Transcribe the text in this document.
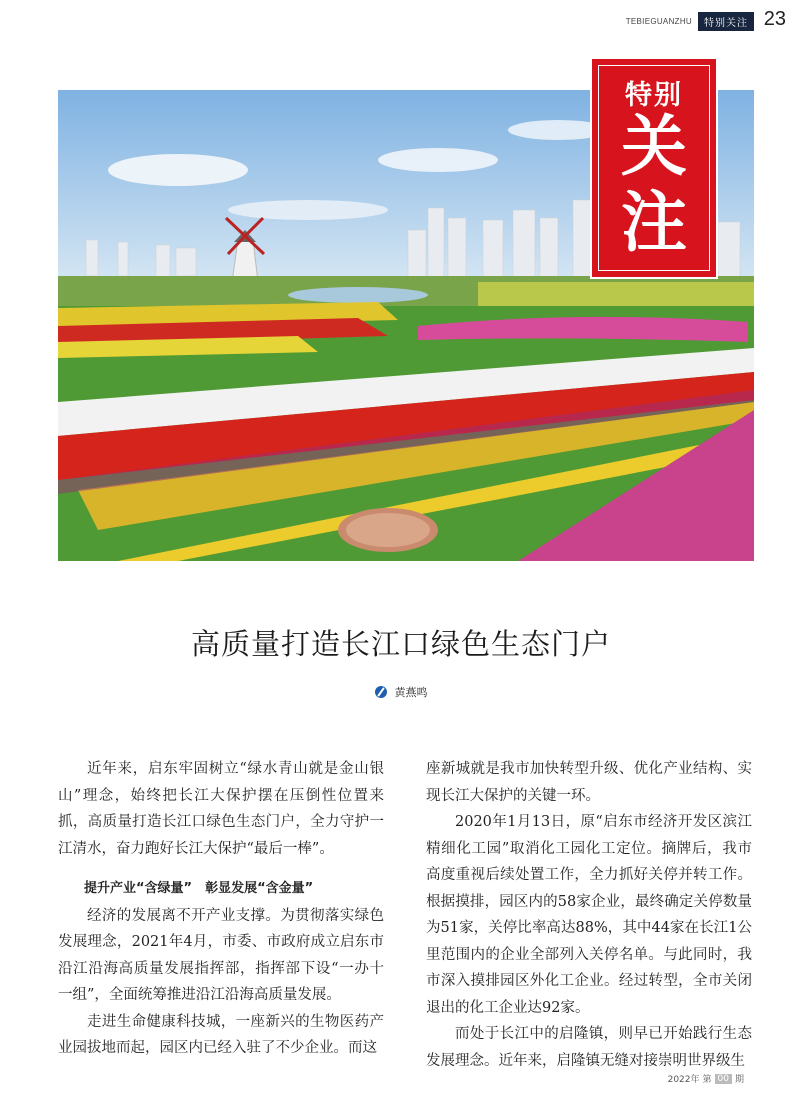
TEBIEGUANZHU	特别关注 23
特别
关
注
高质量打造长江口绿色生态门户
黄燕鸣

近年来，启东牢固树立“绿水青山就是金山银山”理念，始终把长江大保护摆在压倒性位置来抓，高质量打造长江口绿色生态门户，全力守护一江清水，奋力跑好长江大保护“最后一棒”。

提升产业“含绿量”　彰显发展“含金量”

经济的发展离不开产业支撑。为贯彻落实绿色发展理念，2021年4月，市委、市政府成立启东市沿江沿海高质量发展指挥部，指挥部下设“一办十一组”，全面统筹推进沿江沿海高质量发展。

走进生命健康科技城，一座新兴的生物医药产业园拔地而起，园区内已经入驻了不少企业。而这

座新城就是我市加快转型升级、优化产业结构、实现长江大保护的关键一环。

2020年1月13日，原“启东市经济开发区滨江精细化工园”取消化工园化工定位。摘牌后，我市高度重视后续处置工作，全力抓好关停并转工作。根据摸排，园区内的58家企业，最终确定关停数量为51家，关停比率高达88%，其中44家在长江1公里范围内的企业全部列入关停名单。与此同时，我市深入摸排园区外化工企业。经过转型，全市关闭退出的化工企业达92家。

而处于长江中的启隆镇，则早已开始践行生态发展理念。近年来，启隆镇无缝对接崇明世界级生

2022年 第 00 期
